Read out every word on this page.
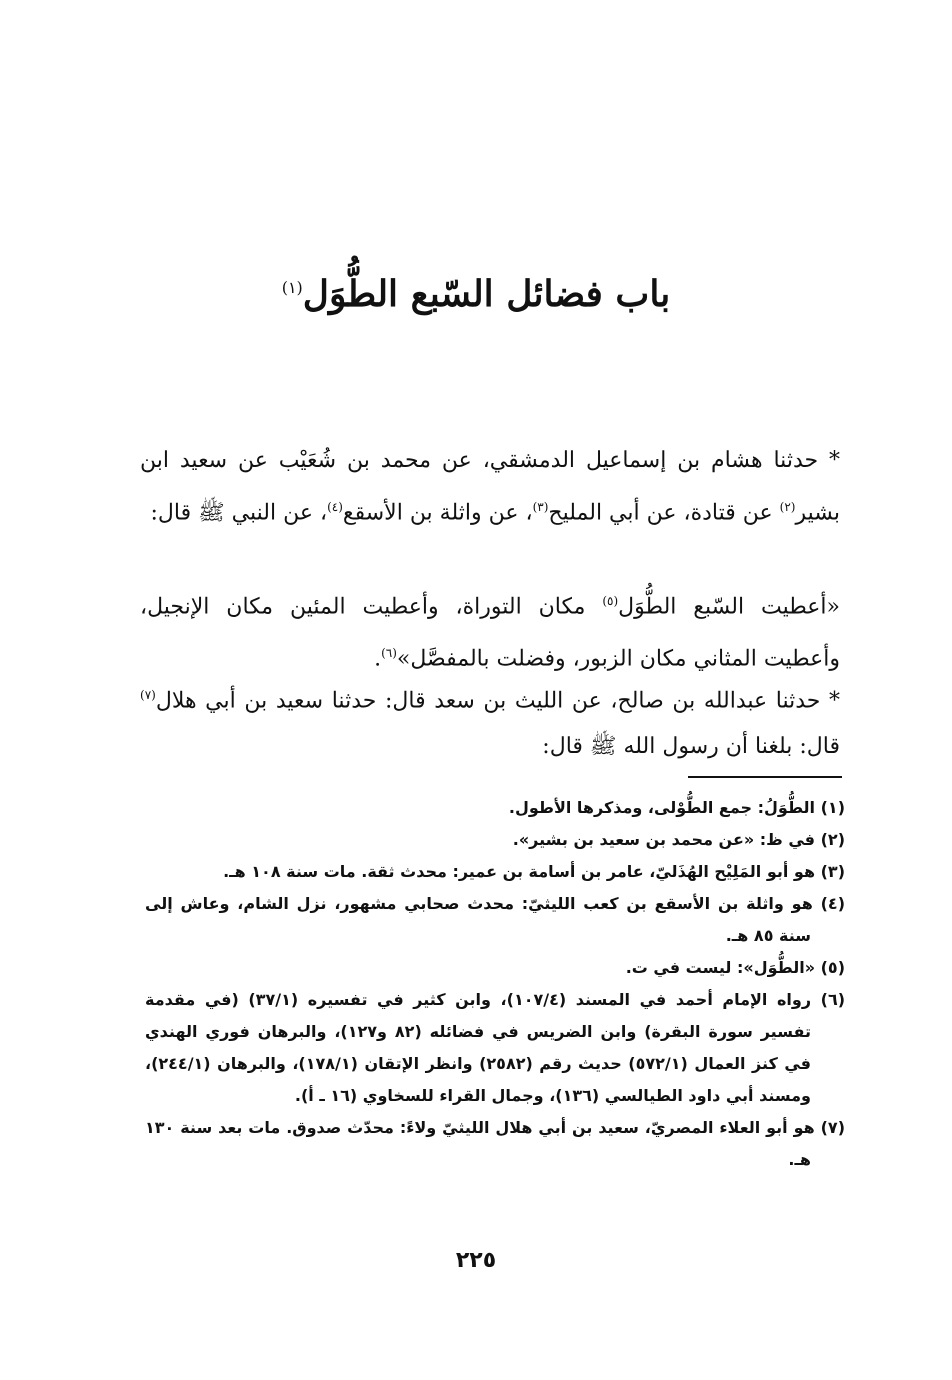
باب فضائل السّبع الطُّوَل$^{(١)}$
* حدثنا هشام بن إسماعيل الدمشقي، عن محمد بن شُعَيْب عن سعيد ابن بشير$^{(٢)}$ عن قتادة، عن أبي المليح$^{(٣)}$، عن واثلة بن الأسقع$^{(٤)}$، عن النبي ﷺ قال:
«أعطيت السّبع الطُّوَل$^{(٥)}$ مكان التوراة، وأعطيت المئين مكان الإنجيل، وأعطيت المثاني مكان الزبور، وفضلت بالمفصَّل»$^{(٦)}$.
* حدثنا عبدالله بن صالح، عن الليث بن سعد قال: حدثنا سعيد بن أبي هلال$^{(٧)}$ قال: بلغنا أن رسول الله ﷺ قال:

(١) الطُّوَلُ: جمع الطُّوْلى، ومذكرها الأطول.

(٢) في ظ: «عن محمد بن سعيد بن بشير».

(٣) هو أبو المَلِيْح الهُذَليّ، عامر بن أسامة بن عمير: محدث ثقة. مات سنة ١٠٨ هـ.

(٤) هو واثلة بن الأسقع بن كعب الليثيّ: محدث صحابي مشهور، نزل الشام، وعاش إلى سنة ٨٥ هـ.

(٥) «الطُّوَل»: ليست في ت.

(٦) رواه الإمام أحمد في المسند (١٠٧/٤)، وابن كثير في تفسيره (٣٧/١) (في مقدمة تفسير سورة البقرة) وابن الضريس في فضائله (٨٢ و١٢٧)، والبرهان فوري الهندي في كنز العمال (٥٧٢/١) حديث رقم (٢٥٨٢) وانظر الإتقان (١٧٨/١)، والبرهان (٢٤٤/١)، ومسند أبي داود الطيالسي (١٣٦)، وجمال القراء للسخاوي (١٦ ـ أ).

(٧) هو أبو العلاء المصريّ، سعيد بن أبي هلال الليثيّ ولاءً: محدّث صدوق. مات بعد سنة ١٣٠ هـ.

٢٢٥
